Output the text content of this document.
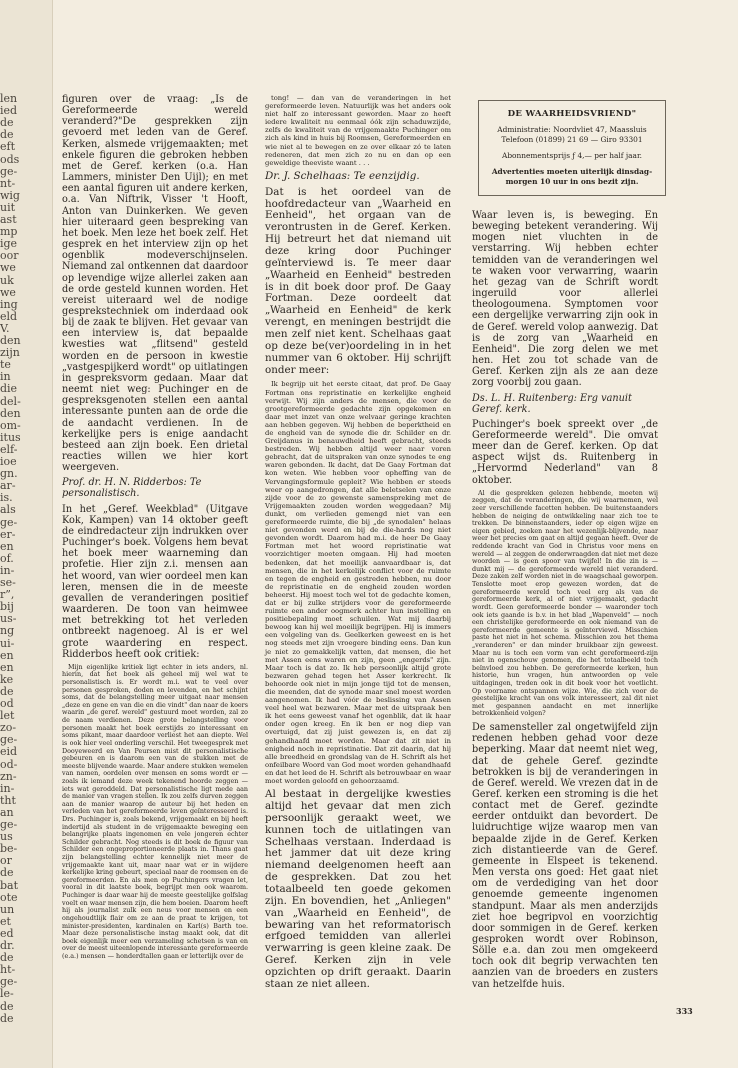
len
ied
de
de
eft
ods
ge-
nt-
wig
uit
ast
mp
ige
oor
we
uk
we
ing
eld
V.
den
zijn
te
in
die
del-
den
om-
itus
elf-
ioe
gn.
ar-
is.
als
ge-
er-
en
of.
in-
se-
r”,
bij
us-
ng
ui-
en
en
ke
de
od
let
zo-
ge-
eid
od-
zn-
in-
tht
an
ge-
us
be-
or
de
bat
ote
un
et
ed
dr.
de
ht-
ge-
le-
de
de
DE WAARHEIDSVRIEND"
Administratie: Noordvliet 47, Maassluis
Telefoon (01899) 21 69 — Giro 93301
Abonnementsprijs ƒ 4,— per half jaar.
Advertenties moeten uiterlijk dinsdag-
morgen 10 uur in ons bezit zijn.

figuren over de vraag: „Is de Gereformeerde wereld veranderd?"De gesprekken zijn gevoerd met leden van de Geref. Kerken, alsmede vrijgemaakten; met enkele figuren die gebroken hebben met de Geref. kerken (o.a. Han Lammers, minister Den Uijl); en met een aantal figuren uit andere kerken, o.a. Van Niftrik, Visser 't Hooft, Anton van Duinkerken. We geven hier uiteraard geen bespreking van het boek. Men leze het boek zelf. Het gesprek en het interview zijn op het ogenblik modeverschijnselen. Niemand zal ontkennen dat daardoor op levendige wijze allerlei zaken aan de orde gesteld kunnen worden. Het vereist uiteraard wel de nodige gesprekstechniek om inderdaad ook bij de zaak te blijven. Het gevaar van een interview is, dat bepaalde kwesties wat „flitsend" gesteld worden en de persoon in kwestie „vastgespijkerd wordt" op uitlatingen in gespreksvorm gedaan. Maar dat neemt niet weg: Puchinger en de gespreksgenoten stellen een aantal interessante punten aan de orde die de aandacht verdienen. In de kerkelijke pers is enige aandacht besteed aan zijn boek. Een drietal reacties willen we hier kort weergeven.

Prof. dr. H. N. Ridderbos: Te personalistisch.

In het „Geref. Weekblad" (Uitgave Kok, Kampen) van 14 oktober geeft de eindredacteur zijn indrukken over Puchinger's boek. Volgens hem bevat het boek meer waarneming dan profetie. Hier zijn z.i. mensen aan het woord, van wier oordeel men kan leren, mensen die in de meeste gevallen de veranderingen positief waarderen. De toon van heimwee met betrekking tot het verleden ontbreekt nagenoeg. Al is er wel grote waardering en respect. Ridderbos heeft ook critiek:

Mijn eigenlijke kritiek ligt echter in iets anders, nl. hierin, dat het boek als geheel mij wel wat te personalistisch is. Er wordt m.i. wat te veel over personen gesproken, doden en levenden, en het schijnt soms, dat de belangstelling meer uitgaat naar mensen „deze en gene en van die en die vindt" dan naar de koers waarin „de geref. wereld" gestuurd moet worden, zal zo de naam verdienen. Deze grote belangstelling voor personen maakt het boek eerstijds zo interessant en soms pikant, maar daardoor verliest het aan diepte. Wel is ook hier veel onderling verschil. Het tweegesprek met Dooyeweerd en Van Peursen mist dit personalistische gebeuren en is daarom een van de stukken met de meeste blijvende waarde. Maar andere stukken wemelen van namen, oordelen over mensen en soms wordt er — zoals ik iemand deze week tekenend hoorde zeggen — iets wat geroddeld. Dat personalistische ligt mede aan de manier van vragen stellen. Ik zou zelfs durven zeggen aan de manier waarop de auteur bij het heden en verleden van het gereformeerde leven geïnteresseerd is. Drs. Puchinger is, zoals bekend, vrijgemaakt en bij heeft indertijd als student in de vrijgemaakte beweging een belangrijke plaats ingenomen en vele jongeren echter Schilder gebracht. Nog steeds is dit boek de figuur van Schilder een ongeproportioneerde plaats in. Thans gaat zijn belangstelling echter kennelijk niet meer de vrijgemaakte kant uit, maar naar wat er in wijdere kerkelijke kring gebeurt, speciaal naar de roomsen en de gereformeerden. En als men op Puchingers vragen let, vooral in dit laatste boek, begrijpt men ook waarom. Puchinger is daar waar hij de meeste geestelijke golfslag voelt en waar mensen zijn, die hem boeien. Daarom heeft hij als journalist zulk een neus voor mensen en een ongehoudtlijk flair om ze aan de praat te krijgen, tot minister-presidenten, kardinalen en Karl(s) Barth toe. Maar deze personalistische instag maakt ook, dat dit boek eigenlijk meer een verzameling schetsen is van en over de meest uiteenlopende interessante gereformeerde (e.a.) mensen — honderdtallen gaan er letterlijk over de

tong! — dan van de veranderingen in het gereformeerde leven. Natuurlijk was het anders ook niet half zo interessant geworden. Maar zo heeft iedere kwaliteit nu eenmaal óók zijn schaduwzijde, zelfs de kwaliteit van de vrijgemaakte Puchinger om zich als kind in huis bij Roomsen, Gereformeerden en wie niet al te bewegen en ze over elkaar zó te laten redeneren, dat men zich zo nu en dan op een geweldige theeviste waant . . .

Dr. J. Schelhaas: Te eenzijdig.

Dat is het oordeel van de hoofdredacteur van „Waarheid en Eenheid", het orgaan van de verontrusten in de Geref. Kerken. Hij betreurt het dat niemand uit deze kring door Puchinger geïnterviewd is. Te meer daar „Waarheid en Eenheid" bestreden is in dit boek door prof. De Gaay Fortman. Deze oordeelt dat „Waarheid en Eenheid" de kerk verengt, en meningen bestrijdt die men zelf niet kent. Schelhaas gaat op deze be(ver)oordeling in in het nummer van 6 oktober. Hij schrijft onder meer:

Ik begrijp uit het eerste citaat, dat prof. De Gaay Fortman ons repristinatie en kerkelijke engheid verwijt. Wij zijn anders de mensen, die voor de grootgereformeerde gedachte zijn opgekomen en daar met inzet van onze welvaar geringe krachten aan hebben gegeven. Wij hebben de beperktheid en de engheid van de synode die dr. Schilder en dr. Greijdanus in benauwdheid heeft gebracht, steeds bestreden. Wij hebben altijd weer naar voren gebracht, dat de uitspraken van onze synodes te eng waren gebonden. Ik dacht, dat De Gaay Fortman dat kon weten. Wie hebben voor opheffing van de Vervangingsformule gepleit? Wie hebben er steeds weer op aangedrongen, dat alle beletselen van onze zijde voor de zo gewenste samenspreking met de Vrijgemaakten zouden worden weggedaan? Mij dunkt, om verlieden gemengd niet van een gereformeerde ruimte, die bij „de synodalen" helaas niet gevonden werd en bij de die-hards nog niet gevonden wordt. Daarom had m.i. de heer De Gaay Fortman met het woord repristinatie wat voorzichtiger moeten omgaan. Hij had moeten bedenken, dat het moeilijk aanvaardbaar is, dat mensen, die in het kerkelijk conflict voor de ruimte en tegen de engheid en gestreden hebben, nu door de repristinatie en de engheid zouden worden beheerst. Hij moest toch wel tot de gedachte komen, dat er bij zulke strijders voor de gereformeerde ruimte een ander oogmerk achter hun instelling en positiebepaling moet schuilen. Wat mij daarbij bewoog kan hij wel moeilijk begrijpen. Hij is immers een volgeling van ds. Geelkerken geweest en is het nog steeds met zijn vroegere binding eens. Dan kun je niet zo gemakkelijk vatten, dat mensen, die het met Assen eens waren en zijn, geen „engerds" zijn. Maar toch is dat zo. Ik heb persoonlijk altijd grote bezwaren gehad tegen het Asser kerkrecht. Ik behoorde ook niet in mijn jonge tijd tot de mensen, die meenden, dat de synode maar snel moest worden aangenomen. Ik had vóór de beslissing van Assen veel heel wat bezwaren. Maar met de uitspraak ben ik het eens geweest vanaf het ogenblik, dat ik haar onder ogen kreeg. En ik ben er nog diep van overtuigd, dat zij juist gewezen is, en dat zij gehandhaafd moet worden. Maar dat zit niet in enigheid noch in repristinatie. Dat zit daarin, dat hij alle breedheid en grondslag van de H. Schrift als het onfeilbare Woord van God moet worden gehandhaafd en dat het leed de H. Schrift als betrouwbaar en waar moet worden geloofd en gehoorzaamd.

Al bestaat in dergelijke kwesties altijd het gevaar dat men zich persoonlijk geraakt weet, we kunnen toch de uitlatingen van Schelhaas verstaan. Inderdaad is het jammer dat uit deze kring niemand deelgenomen heeft aan de gesprekken. Dat zou het totaalbeeld ten goede gekomen zijn. En bovendien, het „Anliegen" van „Waarheid en Eenheid", de bewaring van het reformatorisch erfgoed temidden van allerlei verwarring is geen kleine zaak. De Geref. Kerken zijn in vele opzichten op drift geraakt. Daarin staan ze niet alleen.

Waar leven is, is beweging. En beweging betekent verandering. Wij mogen niet vluchten in de verstarring. Wij hebben echter temidden van de veranderingen wel te waken voor verwarring, waarin het gezag van de Schrift wordt ingeruild voor allerlei theologoumena. Symptomen voor een dergelijke verwarring zijn ook in de Geref. wereld volop aanwezig. Dat is de zorg van „Waarheid en Eenheid". Die zorg delen we met hen. Het zou tot schade van de Geref. Kerken zijn als ze aan deze zorg voorbij zou gaan.

Ds. L. H. Ruitenberg: Erg vanuit Geref. kerk.

Puchinger's boek spreekt over „de Gereformeerde wereld". Die omvat meer dan de Geref. kerken. Op dat aspect wijst ds. Ruitenberg in „Hervormd Nederland" van 8 oktober.

Al die gesprekken gelezen hebbende, moeten wij zeggen, dat de veranderingen, die wij waarnemen, wel zeer verschillende facetten hebben. De buitenstaanders hebben de neiging de ontwikkeling naar zich toe te trekken. De binnenstaanders, ieder op eigen wijze en eigen gebied, zoeken naar het wezenlijk-blijvende, naar weer het precies om gaat en altijd gegaan heeft. Over de reddende kracht van God in Christus voor mens en wereld — al zeggen de onderwraagden dat niet met deze woorden — is geen spoor van twijfel! In die zin is — dunkt mij — de gereformeerde wereld niet veranderd. Deze zaken zelf worden niet in de waagschaal geworpen. Tenslotte moet erop gewezen worden, dat de gereformeerde wereld toch veel erg als van de gereformeerde kerk, al of niet vrijgemaakt, gedacht wordt. Geen gereformeerde bonder — waaronder toch ook iets gaande is b.v. in het blad „Wapenveld" — noch een christelijke gereformeerde en ook niemand van de gereformeerde gemeente is geïnterviewd. Misschien paste het niet in het schema. Misschien zou het thema „veranderen" er dan minder bruikbaar zijn geweest. Maar nu is toch een vorm van echt gereformeerd-zijn niet in ogenschouw genomen, die het totaalbeeld toch beïnvloed zou hebben. De gereformeerde kerken, hun historie, hun vragen, hun antwoorden op vele uitdagingen, treden ook in dit boek voor het voetlicht. Op voorname ontspannen wijze. Wie, die zich voor de geestelijke kracht van ons volk interesseert, zal dit niet met gespannen aandacht en met innerlijke betrokkenheid volgen?

De samensteller zal ongetwijfeld zijn redenen hebben gehad voor deze beperking. Maar dat neemt niet weg, dat de gehele Geref. gezindte betrokken is bij de veranderingen in de Geref. wereld. We vrezen dat in de Geref. kerken een stroming is die het contact met de Geref. gezindte eerder ontduikt dan bevordert. De luidruchtige wijze waarop men van bepaalde zijde in de Geref. Kerken zich distantieerde van de Geref. gemeente in Elspeet is tekenend. Men versta ons goed: Het gaat niet om de verdediging van het door genoemde gemeente ingenomen standpunt. Maar als men anderzijds ziet hoe begripvol en voorzichtig door sommigen in de Geref. kerken gesproken wordt over Robinson, Sölle e.a. dan zou men omgekeerd toch ook dit begrip verwachten ten aanzien van de broeders en zusters van hetzelfde huis.

333
